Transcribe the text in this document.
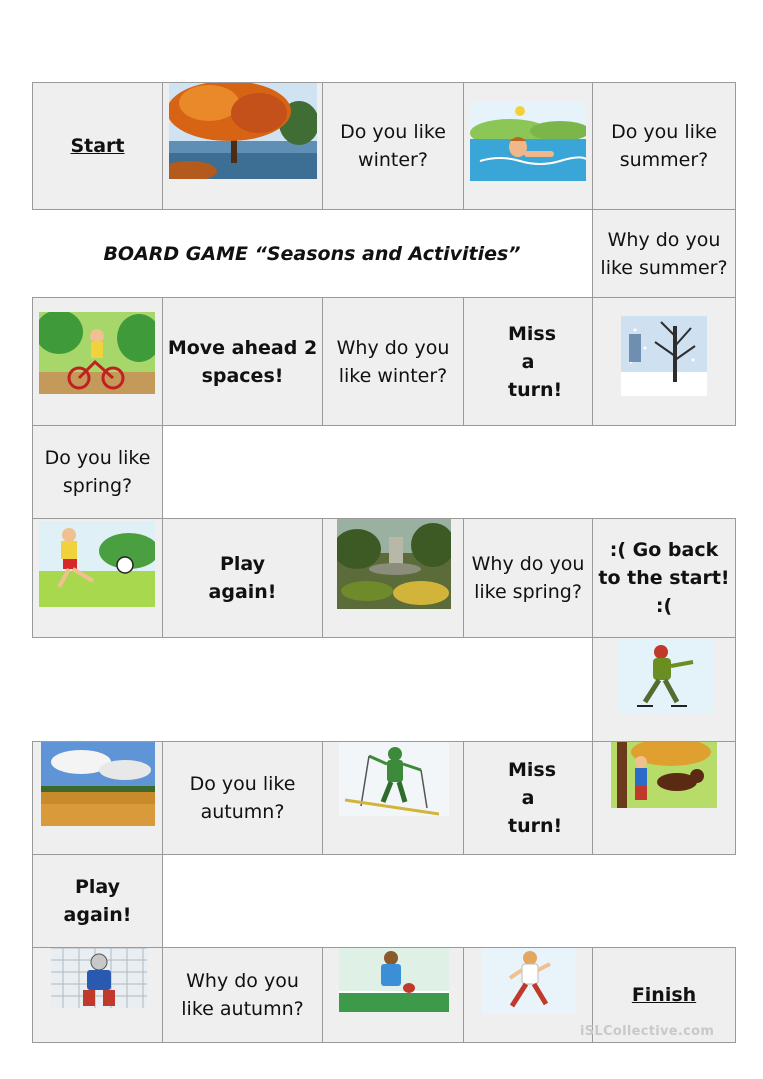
Start
Do you like winter?
Do you like summer?
BOARD GAME “Seasons and Activities”
Why do you like summer?
Move ahead 2 spaces!
Why do you like winter?
Miss a turn!
Do you like spring?
Play again!
Why do you like spring?
:( Go back to the start! :(
Do you like autumn?
Miss a turn!
Play again!
Why do you like autumn?
Finish
iSLCollective.com
